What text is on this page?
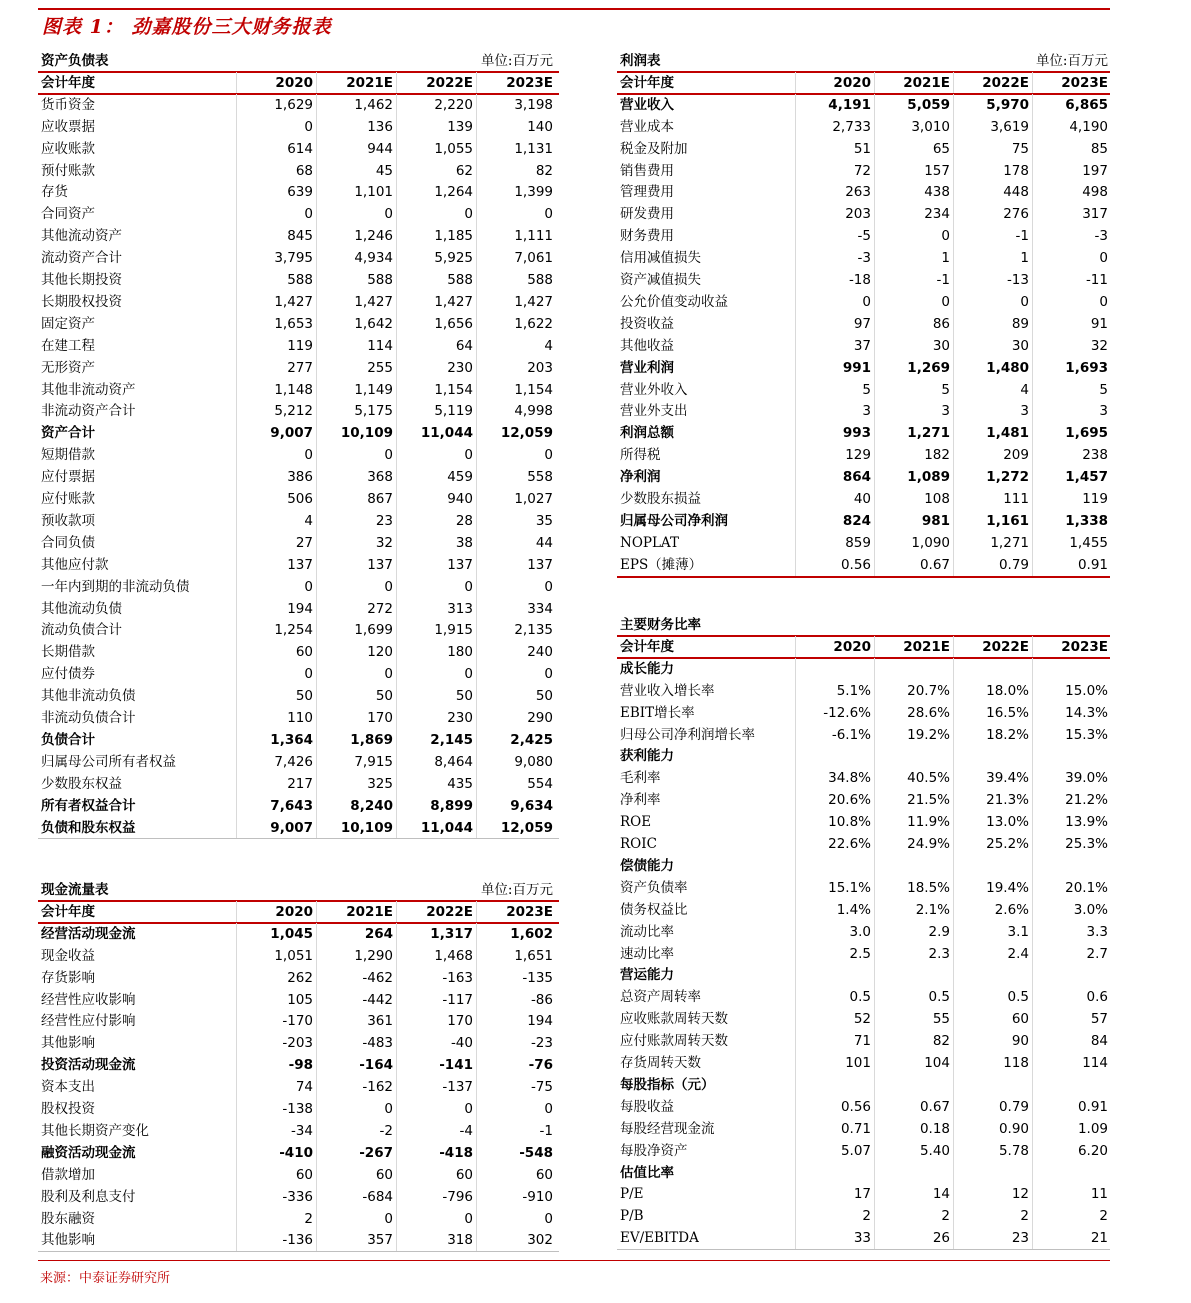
图表 1： 劲嘉股份三大财务报表
资产负债表	单位:百万元
会计年度	2020	2021E	2022E	2023E
货币资金	1,629	1,462	2,220	3,198
应收票据	0	136	139	140
应收账款	614	944	1,055	1,131
预付账款	68	45	62	82
存货	639	1,101	1,264	1,399
合同资产	0	0	0	0
其他流动资产	845	1,246	1,185	1,111
流动资产合计	3,795	4,934	5,925	7,061
其他长期投资	588	588	588	588
长期股权投资	1,427	1,427	1,427	1,427
固定资产	1,653	1,642	1,656	1,622
在建工程	119	114	64	4
无形资产	277	255	230	203
其他非流动资产	1,148	1,149	1,154	1,154
非流动资产合计	5,212	5,175	5,119	4,998
资产合计	9,007	10,109	11,044	12,059
短期借款	0	0	0	0
应付票据	386	368	459	558
应付账款	506	867	940	1,027
预收款项	4	23	28	35
合同负债	27	32	38	44
其他应付款	137	137	137	137
一年内到期的非流动负债	0	0	0	0
其他流动负债	194	272	313	334
流动负债合计	1,254	1,699	1,915	2,135
长期借款	60	120	180	240
应付债券	0	0	0	0
其他非流动负债	50	50	50	50
非流动负债合计	110	170	230	290
负债合计	1,364	1,869	2,145	2,425
归属母公司所有者权益	7,426	7,915	8,464	9,080
少数股东权益	217	325	435	554
所有者权益合计	7,643	8,240	8,899	9,634
负债和股东权益	9,007	10,109	11,044	12,059
现金流量表	单位:百万元
会计年度	2020	2021E	2022E	2023E
经营活动现金流	1,045	264	1,317	1,602
现金收益	1,051	1,290	1,468	1,651
存货影响	262	-462	-163	-135
经营性应收影响	105	-442	-117	-86
经营性应付影响	-170	361	170	194
其他影响	-203	-483	-40	-23
投资活动现金流	-98	-164	-141	-76
资本支出	74	-162	-137	-75
股权投资	-138	0	0	0
其他长期资产变化	-34	-2	-4	-1
融资活动现金流	-410	-267	-418	-548
借款增加	60	60	60	60
股利及利息支付	-336	-684	-796	-910
股东融资	2	0	0	0
其他影响	-136	357	318	302
利润表	单位:百万元
会计年度	2020	2021E	2022E	2023E
营业收入	4,191	5,059	5,970	6,865
营业成本	2,733	3,010	3,619	4,190
税金及附加	51	65	75	85
销售费用	72	157	178	197
管理费用	263	438	448	498
研发费用	203	234	276	317
财务费用	-5	0	-1	-3
信用减值损失	-3	1	1	0
资产减值损失	-18	-1	-13	-11
公允价值变动收益	0	0	0	0
投资收益	97	86	89	91
其他收益	37	30	30	32
营业利润	991	1,269	1,480	1,693
营业外收入	5	5	4	5
营业外支出	3	3	3	3
利润总额	993	1,271	1,481	1,695
所得税	129	182	209	238
净利润	864	1,089	1,272	1,457
少数股东损益	40	108	111	119
归属母公司净利润	824	981	1,161	1,338
NOPLAT	859	1,090	1,271	1,455
EPS（摊薄）	0.56	0.67	0.79	0.91
主要财务比率
会计年度	2020	2021E	2022E	2023E
成长能力
营业收入增长率	5.1%	20.7%	18.0%	15.0%
EBIT增长率	-12.6%	28.6%	16.5%	14.3%
归母公司净利润增长率	-6.1%	19.2%	18.2%	15.3%
获利能力
毛利率	34.8%	40.5%	39.4%	39.0%
净利率	20.6%	21.5%	21.3%	21.2%
ROE	10.8%	11.9%	13.0%	13.9%
ROIC	22.6%	24.9%	25.2%	25.3%
偿债能力
资产负债率	15.1%	18.5%	19.4%	20.1%
债务权益比	1.4%	2.1%	2.6%	3.0%
流动比率	3.0	2.9	3.1	3.3
速动比率	2.5	2.3	2.4	2.7
营运能力
总资产周转率	0.5	0.5	0.5	0.6
应收账款周转天数	52	55	60	57
应付账款周转天数	71	82	90	84
存货周转天数	101	104	118	114
每股指标（元）
每股收益	0.56	0.67	0.79	0.91
每股经营现金流	0.71	0.18	0.90	1.09
每股净资产	5.07	5.40	5.78	6.20
估值比率
P/E	17	14	12	11
P/B	2	2	2	2
EV/EBITDA	33	26	23	21
来源：中泰证券研究所
